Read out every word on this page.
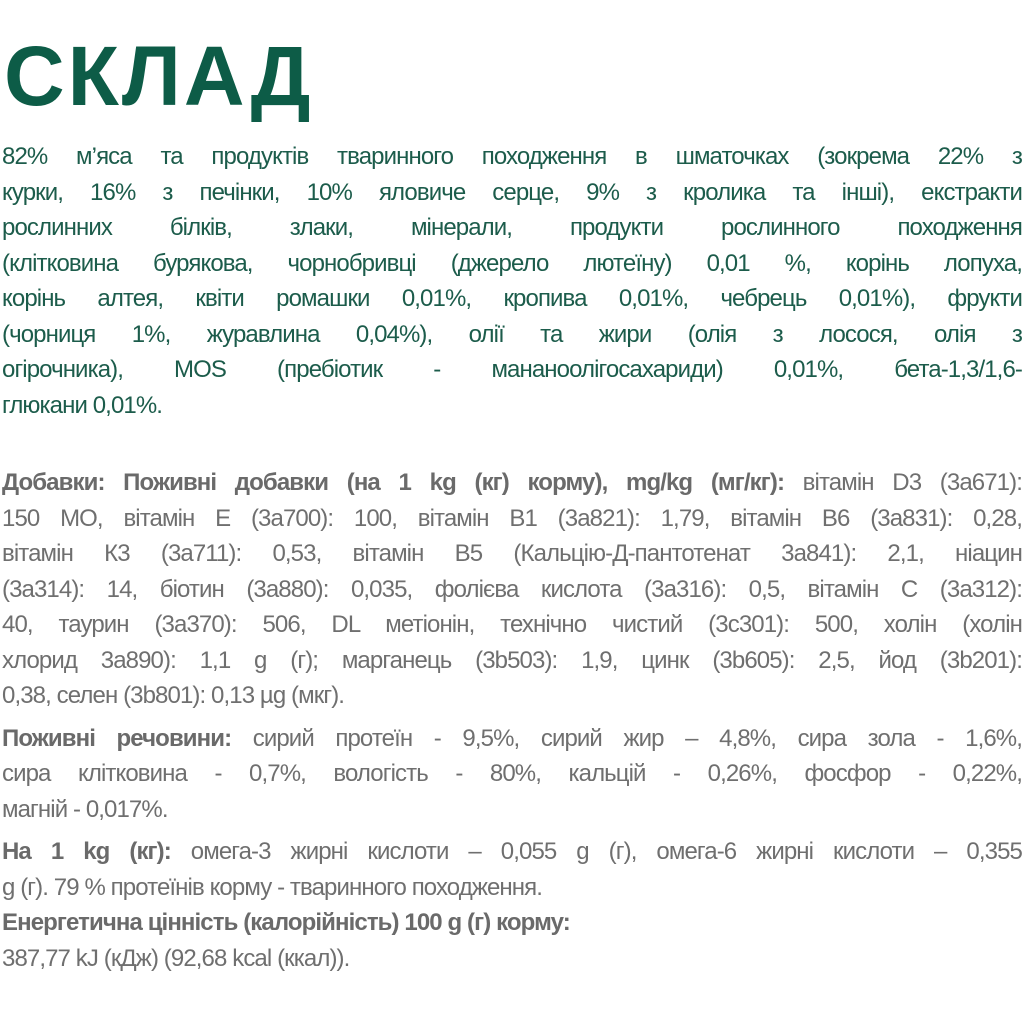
СКЛАД
82% м’яса та продуктів тваринного походження в шматочках (зокрема 22% з
курки, 16% з печінки, 10% яловиче серце, 9% з кролика та інші), екстракти
рослинних білків, злаки, мінерали, продукти рослинного походження
(клітковина бурякова, чорнобривці (джерело лютеїну) 0,01 %, корінь лопуха,
корінь алтея, квіти ромашки 0,01%, кропива 0,01%, чебрець 0,01%), фрукти
(чорниця 1%, журавлина 0,04%), олії та жири (олія з лосося, олія з
огірочника), MOS (пребіотик - мананоолігосахариди) 0,01%, бета-1,3/1,6-
глюкани 0,01%.
Добавки: Поживні добавки (на 1 kg (кг) корму), mg/kg (мг/кг): вітамін D3 (3а671):
150 МО, вітамін Е (3а700): 100, вітамін В1 (3а821): 1,79, вітамін В6 (3а831): 0,28,
вітамін К3 (3а711): 0,53, вітамін В5 (Кальцію-Д-пантотенат 3а841): 2,1, ніацин
(3а314): 14, біотин (3а880): 0,035, фолієва кислота (3а316): 0,5, вітамін С (3а312):
40, таурин (3а370): 506, DL метіонін, технічно чистий (3с301): 500, холін (холін
хлорид 3а890): 1,1 g (г); марганець (3b503): 1,9, цинк (3b605): 2,5, йод (3b201):
0,38, селен (3b801): 0,13 µg (мкг).
Поживні речовини: сирий протеїн - 9,5%, сирий жир – 4,8%, сира зола - 1,6%,
сира клітковина - 0,7%, вологість - 80%, кальцій - 0,26%, фосфор - 0,22%,
магній - 0,017%.
На 1 kg (кг): омега-3 жирні кислоти – 0,055 g (г), омега-6 жирні кислоти – 0,355
g (г). 79 % протеїнів корму - тваринного походження.
Енергетична цінність (калорійність) 100 g (г) корму:
387,77 kJ (кДж) (92,68 kcal (ккал)).
